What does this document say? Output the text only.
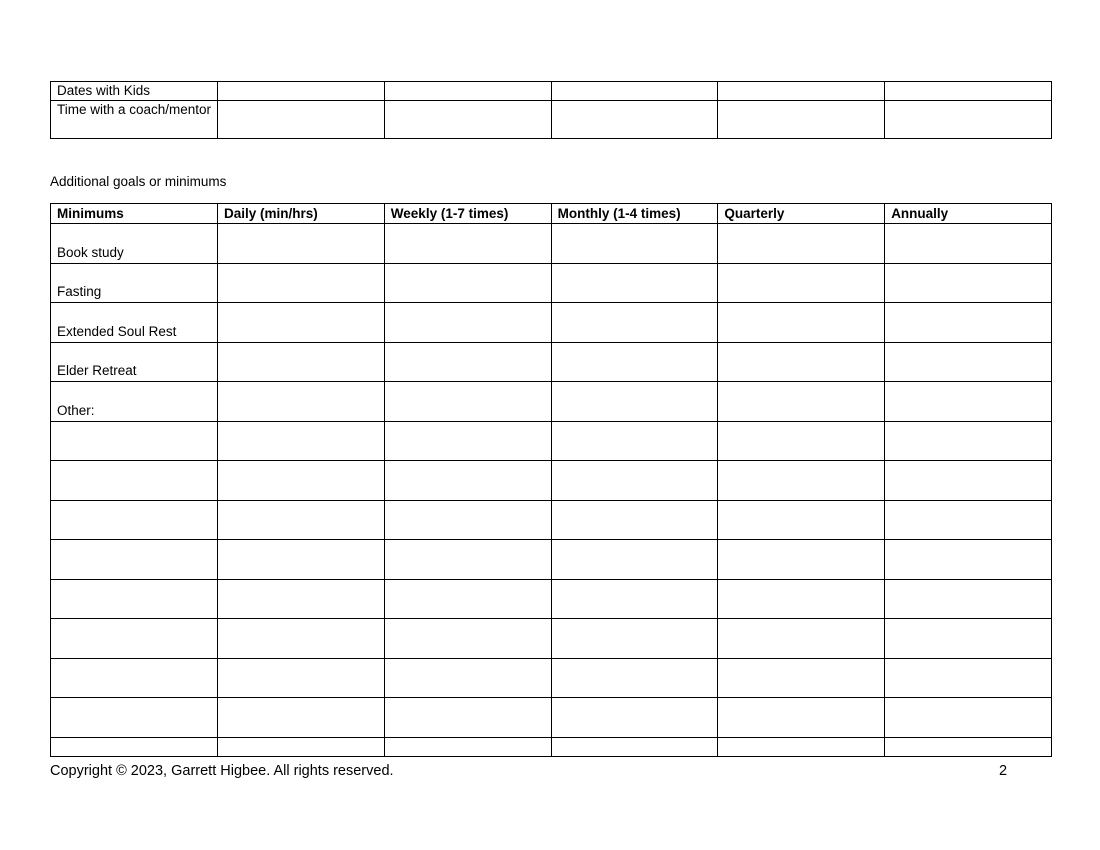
Dates with Kids					
Time with a coach/mentor					
Additional goals or minimums
Minimums	Daily (min/hrs)	Weekly (1-7 times)	Monthly (1-4 times)	Quarterly	Annually
Book study					
Fasting					
Extended Soul Rest					
Elder Retreat					
Other:					

Copyright © 2023, Garrett Higbee. All rights reserved.	2
